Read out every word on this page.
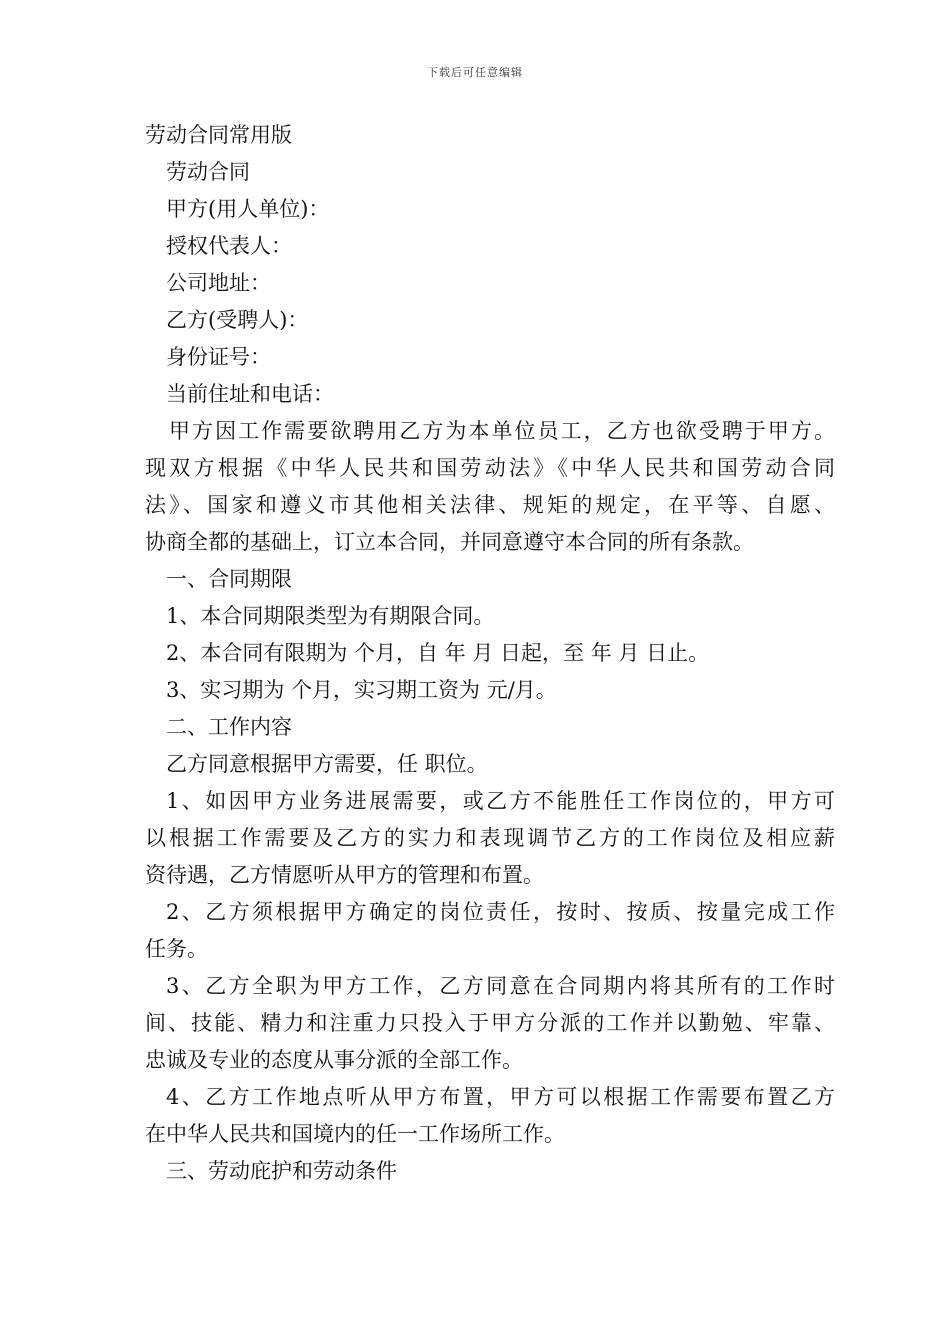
下载后可任意编辑
劳动合同常用版
劳动合同
甲方(用人单位)：
授权代表人：
公司地址：
乙方(受聘人)：
身份证号：
当前住址和电话：
甲方因工作需要欲聘用乙方为本单位员工，乙方也欲受聘于甲方。
现双方根据《中华人民共和国劳动法》《中华人民共和国劳动合同
法》、国家和遵义市其他相关法律、规矩的规定，在平等、自愿、
协商全都的基础上，订立本合同，并同意遵守本合同的所有条款。
一、合同期限
1、本合同期限类型为有期限合同。
2、本合同有限期为 个月，自 年 月 日起，至 年 月 日止。
3、实习期为 个月，实习期工资为 元/月。
二、工作内容
乙方同意根据甲方需要，任 职位。
1、如因甲方业务进展需要，或乙方不能胜任工作岗位的，甲方可
以根据工作需要及乙方的实力和表现调节乙方的工作岗位及相应薪
资待遇，乙方情愿听从甲方的管理和布置。
2、乙方须根据甲方确定的岗位责任，按时、按质、按量完成工作
任务。
3、乙方全职为甲方工作，乙方同意在合同期内将其所有的工作时
间、技能、精力和注重力只投入于甲方分派的工作并以勤勉、牢靠、
忠诚及专业的态度从事分派的全部工作。
4、乙方工作地点听从甲方布置，甲方可以根据工作需要布置乙方
在中华人民共和国境内的任一工作场所工作。
三、劳动庇护和劳动条件
